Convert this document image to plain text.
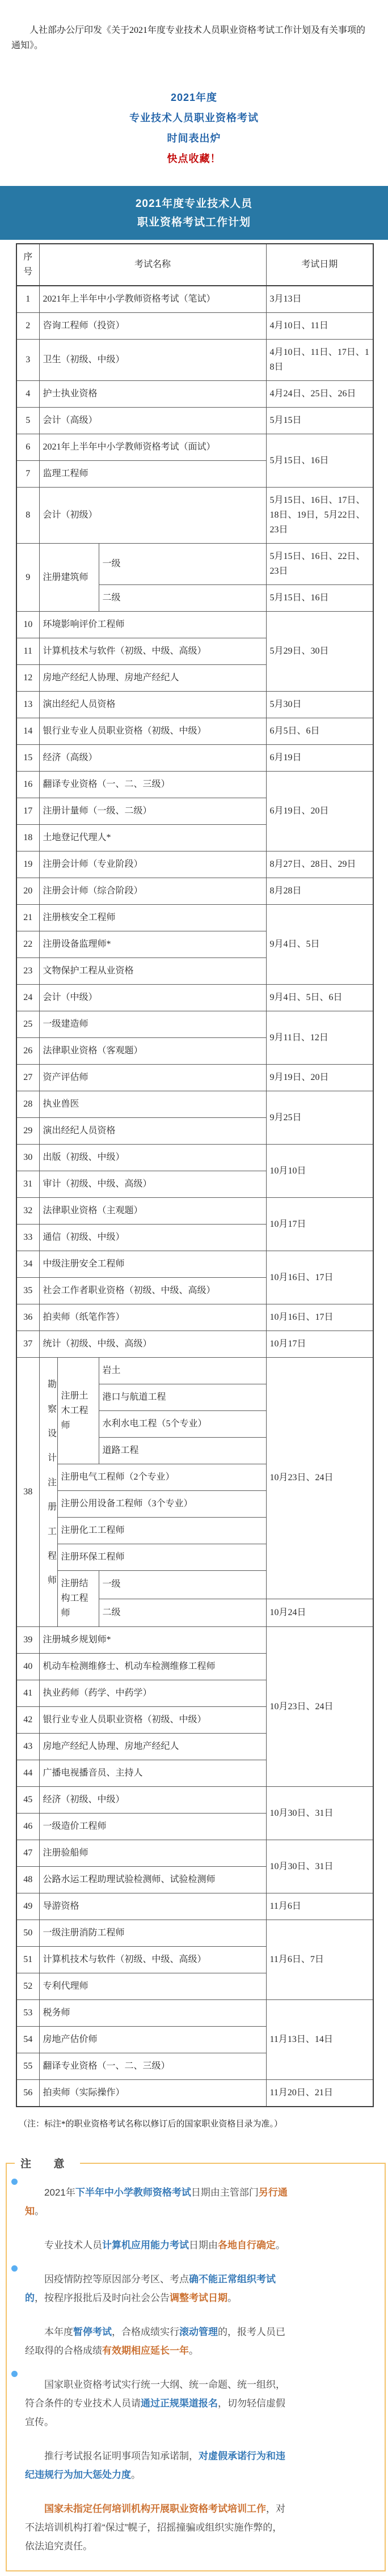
人社部办公厅印发《关于2021年度专业技术人员职业资格考试工作计划及有关事项的通知》。

2021年度
专业技术人员职业资格考试
时间表出炉
快点收藏！
2021年度专业技术人员
职业资格考试工作计划
序号	考试名称			考试日期
1	2021年上半年中小学教师资格考试（笔试）			3月13日
2	咨询工程师（投资）			4月10日、11日
3	卫生（初级、中级）			4月10日、11日、17日、18日
4	护士执业资格			4月24日、25日、26日
5	会计（高级）			5月15日
6	2021年上半年中小学教师资格考试（面试）			5月15日、16日
7	监理工程师			
8	会计（初级）			5月15日、16日、17日、18日、19日，5月22日、23日
9	注册建筑师		一级	5月15日、16日、22日、23日
			二级	5月15日、16日
10	环境影响评价工程师			5月29日、30日
11	计算机技术与软件（初级、中级、高级）			
12	房地产经纪人协理、房地产经纪人			
13	演出经纪人员资格			5月30日
14	银行业专业人员职业资格（初级、中级）			6月5日、6日
15	经济（高级）			6月19日
16	翻译专业资格（一、二、三级）			6月19日、20日
17	注册计量师（一级、二级）			
18	土地登记代理人*			
19	注册会计师（专业阶段）			8月27日、28日、29日
20	注册会计师（综合阶段）			8月28日
21	注册核安全工程师			9月4日、5日
22	注册设备监理师*			
23	文物保护工程从业资格			
24	会计（中级）			9月4日、5日、6日
25	一级建造师			9月11日、12日
26	法律职业资格（客观题）			
27	资产评估师			9月19日、20日
28	执业兽医			9月25日
29	演出经纪人员资格			
30	出版（初级、中级）			10月10日
31	审计（初级、中级、高级）			
32	法律职业资格（主观题）			10月17日
33	通信（初级、中级）			
34	中级注册安全工程师			10月16日、17日
35	社会工作者职业资格（初级、中级、高级）			
36	拍卖师（纸笔作答）			10月16日、17日
37	统计（初级、中级、高级）			10月17日
38	勘察设计注册工程师	注册土木工程师	岩土	10月23日、24日
			港口与航道工程	
			水利水电工程（5个专业）	
			道路工程	
		注册电气工程师（2个专业）		
		注册公用设备工程师（3个专业）		
		注册化工工程师		
		注册环保工程师		
		注册结构工程师	一级	
			二级	10月24日
39	注册城乡规划师*			10月23日、24日
40	机动车检测维修士、机动车检测维修工程师			
41	执业药师（药学、中药学）			
42	银行业专业人员职业资格（初级、中级）			
43	房地产经纪人协理、房地产经纪人			
44	广播电视播音员、主持人			
45	经济（初级、中级）			10月30日、31日
46	一级造价工程师			
47	注册验船师			10月30日、31日
48	公路水运工程助理试验检测师、试验检测师			
49	导游资格			11月6日
50	一级注册消防工程师			11月6日、7日
51	计算机技术与软件（初级、中级、高级）			
52	专利代理师			
53	税务师			11月13日、14日
54	房地产估价师			
55	翻译专业资格（一、二、三级）			
56	拍卖师（实际操作）			11月20日、21日

（注：标注*的职业资格考试名称以修订后的国家职业资格目录为准。）

注 意

2021年下半年中小学教师资格考试日期由主管部门另行通知。

专业技术人员计算机应用能力考试日期由各地自行确定。

因疫情防控等原因部分考区、考点确不能正常组织考试的，按程序报批后及时向社会公告调整考试日期。

本年度暂停考试，合格成绩实行滚动管理的，报考人员已经取得的合格成绩有效期相应延长一年。

国家职业资格考试实行统一大纲、统一命题、统一组织，符合条件的专业技术人员请通过正规渠道报名，切勿轻信虚假宣传。

推行考试报名证明事项告知承诺制，对虚假承诺行为和违纪违规行为加大惩处力度。

国家未指定任何培训机构开展职业资格考试培训工作，对不法培训机构打着“保过”幌子，招摇撞骗或组织实施作弊的，依法追究责任。
